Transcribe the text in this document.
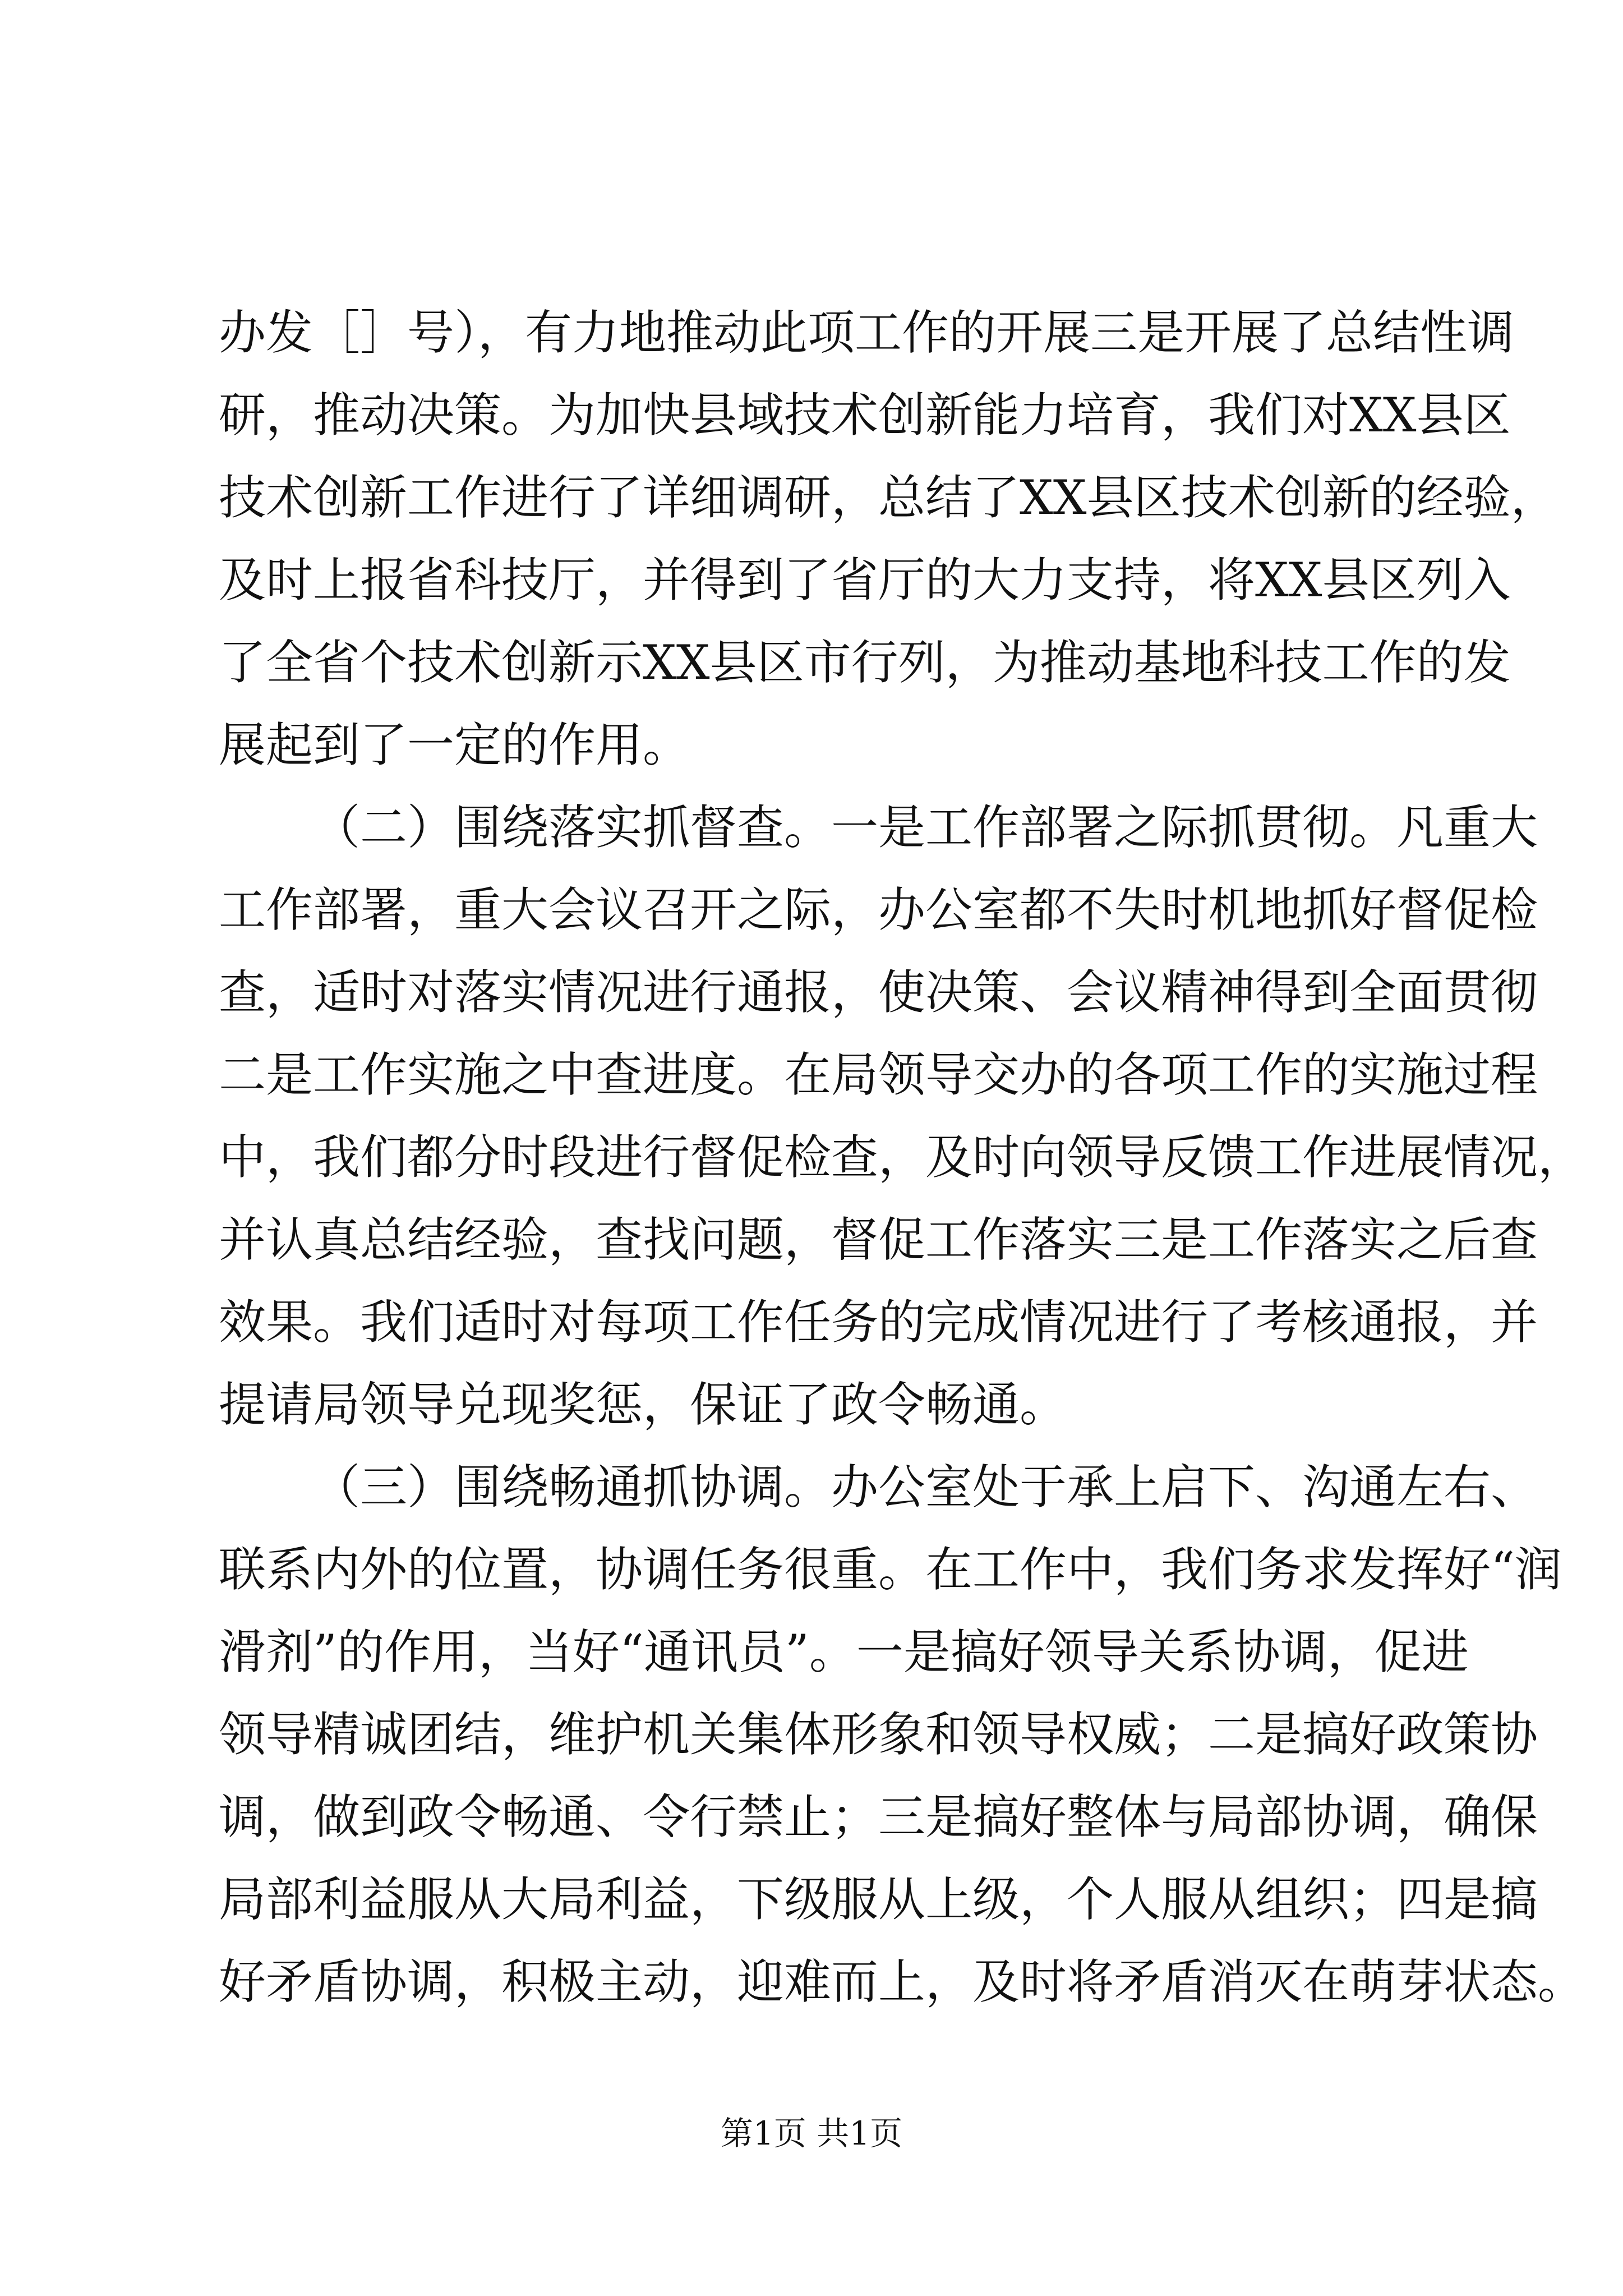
办发［］号），有力地推动此项工作的开展三是开展了总结性调
研，推动决策。为加快县域技术创新能力培育，我们对XX县区
技术创新工作进行了详细调研，总结了XX县区技术创新的经验，
及时上报省科技厅，并得到了省厅的大力支持，将XX县区列入
了全省个技术创新示XX县区市行列，为推动基地科技工作的发
展起到了一定的作用。
（二）围绕落实抓督查。一是工作部署之际抓贯彻。凡重大
工作部署，重大会议召开之际，办公室都不失时机地抓好督促检
查，适时对落实情况进行通报，使决策、会议精神得到全面贯彻
二是工作实施之中查进度。在局领导交办的各项工作的实施过程
中，我们都分时段进行督促检查，及时向领导反馈工作进展情况，
并认真总结经验，查找问题，督促工作落实三是工作落实之后查
效果。我们适时对每项工作任务的完成情况进行了考核通报，并
提请局领导兑现奖惩，保证了政令畅通。
（三）围绕畅通抓协调。办公室处于承上启下、沟通左右、
联系内外的位置，协调任务很重。在工作中，我们务求发挥好“润
滑剂”的作用，当好“通讯员”。一是搞好领导关系协调，促进
领导精诚团结，维护机关集体形象和领导权威；二是搞好政策协
调，做到政令畅通、令行禁止；三是搞好整体与局部协调，确保
局部利益服从大局利益，下级服从上级，个人服从组织；四是搞
好矛盾协调，积极主动，迎难而上，及时将矛盾消灭在萌芽状态。
第1页 共1页
